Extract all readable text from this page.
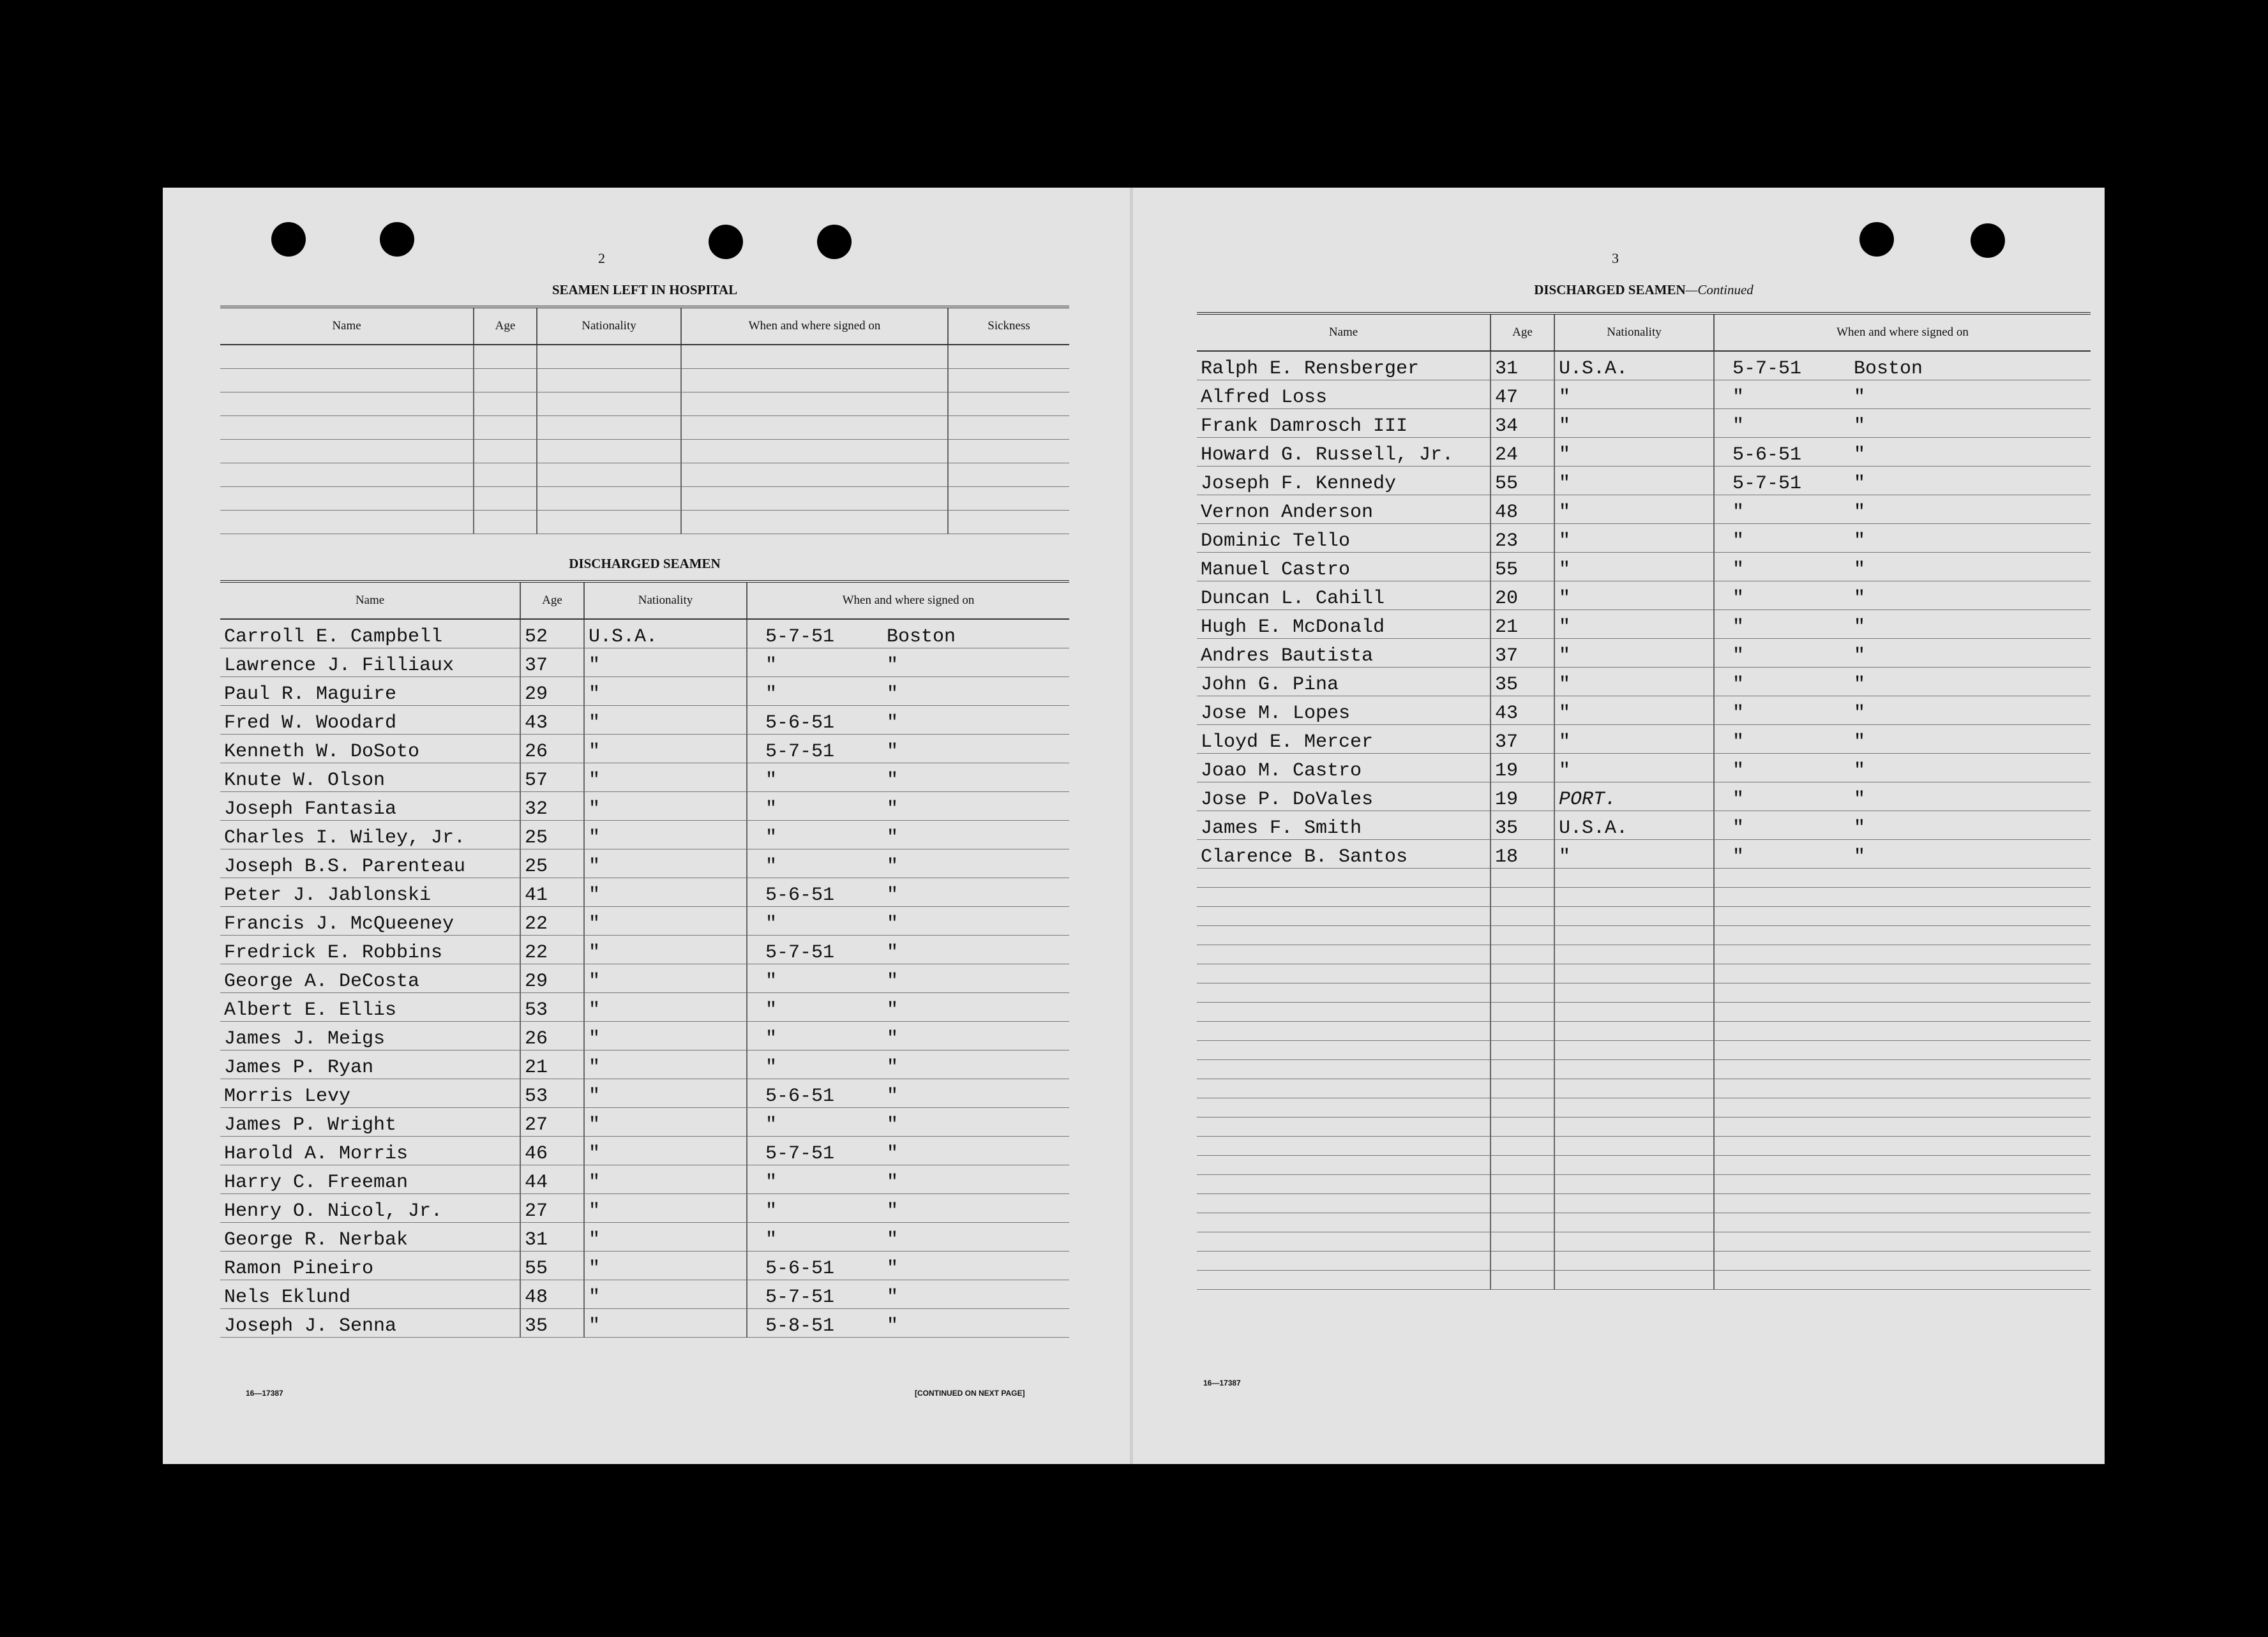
2
SEAMEN LEFT IN HOSPITAL
Name	Age	Nationality	When and where signed on	Sickness

DISCHARGED SEAMEN
Name	Age	Nationality	When and where signed on
Carroll E. Campbell	52	U.S.A.	5-7-51 Boston
Lawrence J. Filliaux	37	"	" "
Paul R. Maguire	29	"	" "
Fred W. Woodard	43	"	5-6-51 "
Kenneth W. DoSoto	26	"	5-7-51 "
Knute W. Olson	57	"	" "
Joseph Fantasia	32	"	" "
Charles I. Wiley, Jr.	25	"	" "
Joseph B.S. Parenteau	25	"	" "
Peter J. Jablonski	41	"	5-6-51 "
Francis J. McQueeney	22	"	" "
Fredrick E. Robbins	22	"	5-7-51 "
George A. DeCosta	29	"	" "
Albert E. Ellis	53	"	" "
James J. Meigs	26	"	" "
James P. Ryan	21	"	" "
Morris Levy	53	"	5-6-51 "
James P. Wright	27	"	" "
Harold A. Morris	46	"	5-7-51 "
Harry C. Freeman	44	"	" "
Henry O. Nicol, Jr.	27	"	" "
George R. Nerbak	31	"	" "
Ramon Pineiro	55	"	5-6-51 "
Nels Eklund	48	"	5-7-51 "
Joseph J. Senna	35	"	5-8-51 "
16—17387	[CONTINUED ON NEXT PAGE]
3
DISCHARGED SEAMEN—Continued
Name	Age	Nationality	When and where signed on
Ralph E. Rensberger	31	U.S.A.	5-7-51 Boston
Alfred Loss	47	"	" "
Frank Damrosch III	34	"	" "
Howard G. Russell, Jr.	24	"	5-6-51 "
Joseph F. Kennedy	55	"	5-7-51 "
Vernon Anderson	48	"	" "
Dominic Tello	23	"	" "
Manuel Castro	55	"	" "
Duncan L. Cahill	20	"	" "
Hugh E. McDonald	21	"	" "
Andres Bautista	37	"	" "
John G. Pina	35	"	" "
Jose M. Lopes	43	"	" "
Lloyd E. Mercer	37	"	" "
Joao M. Castro	19	"	" "
Jose P. DoVales	19	PORT.	" "
James F. Smith	35	U.S.A.	" "
Clarence B. Santos	18	"	" "

16—17387
